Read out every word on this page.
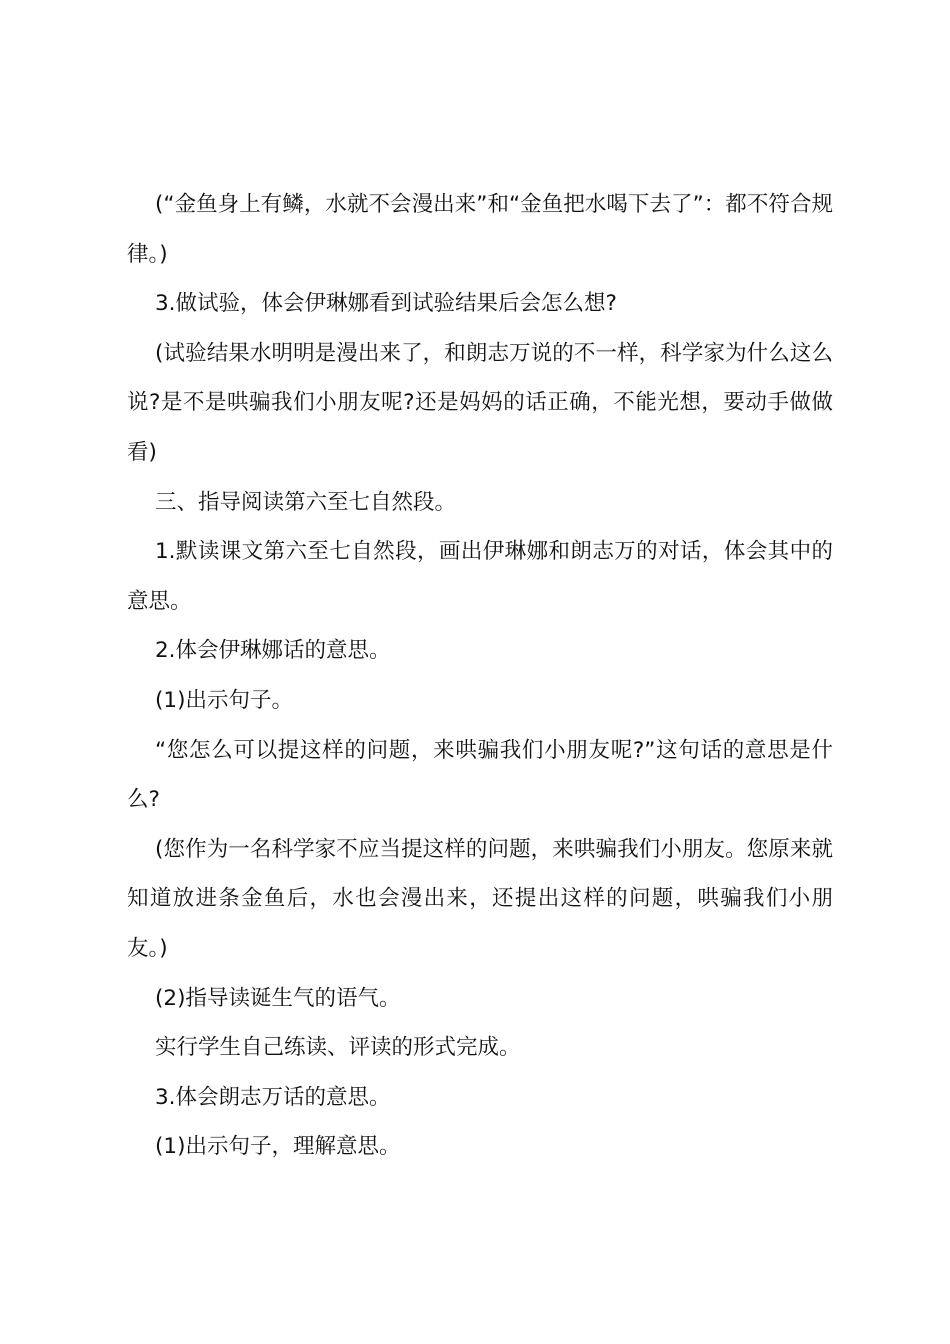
(“金鱼身上有鳞，水就不会漫出来”和“金鱼把水喝下去了”：都不符合规律。)

3.做试验，体会伊琳娜看到试验结果后会怎么想?

(试验结果水明明是漫出来了，和朗志万说的不一样，科学家为什么这么说?是不是哄骗我们小朋友呢?还是妈妈的话正确，不能光想，要动手做做看)

三、指导阅读第六至七自然段。

1.默读课文第六至七自然段，画出伊琳娜和朗志万的对话，体会其中的意思。

2.体会伊琳娜话的意思。

(1)出示句子。

“您怎么可以提这样的问题，来哄骗我们小朋友呢?”这句话的意思是什么?

(您作为一名科学家不应当提这样的问题，来哄骗我们小朋友。您原来就知道放进条金鱼后，水也会漫出来，还提出这样的问题，哄骗我们小朋友。)

(2)指导读诞生气的语气。

实行学生自己练读、评读的形式完成。

3.体会朗志万话的意思。

(1)出示句子，理解意思。
